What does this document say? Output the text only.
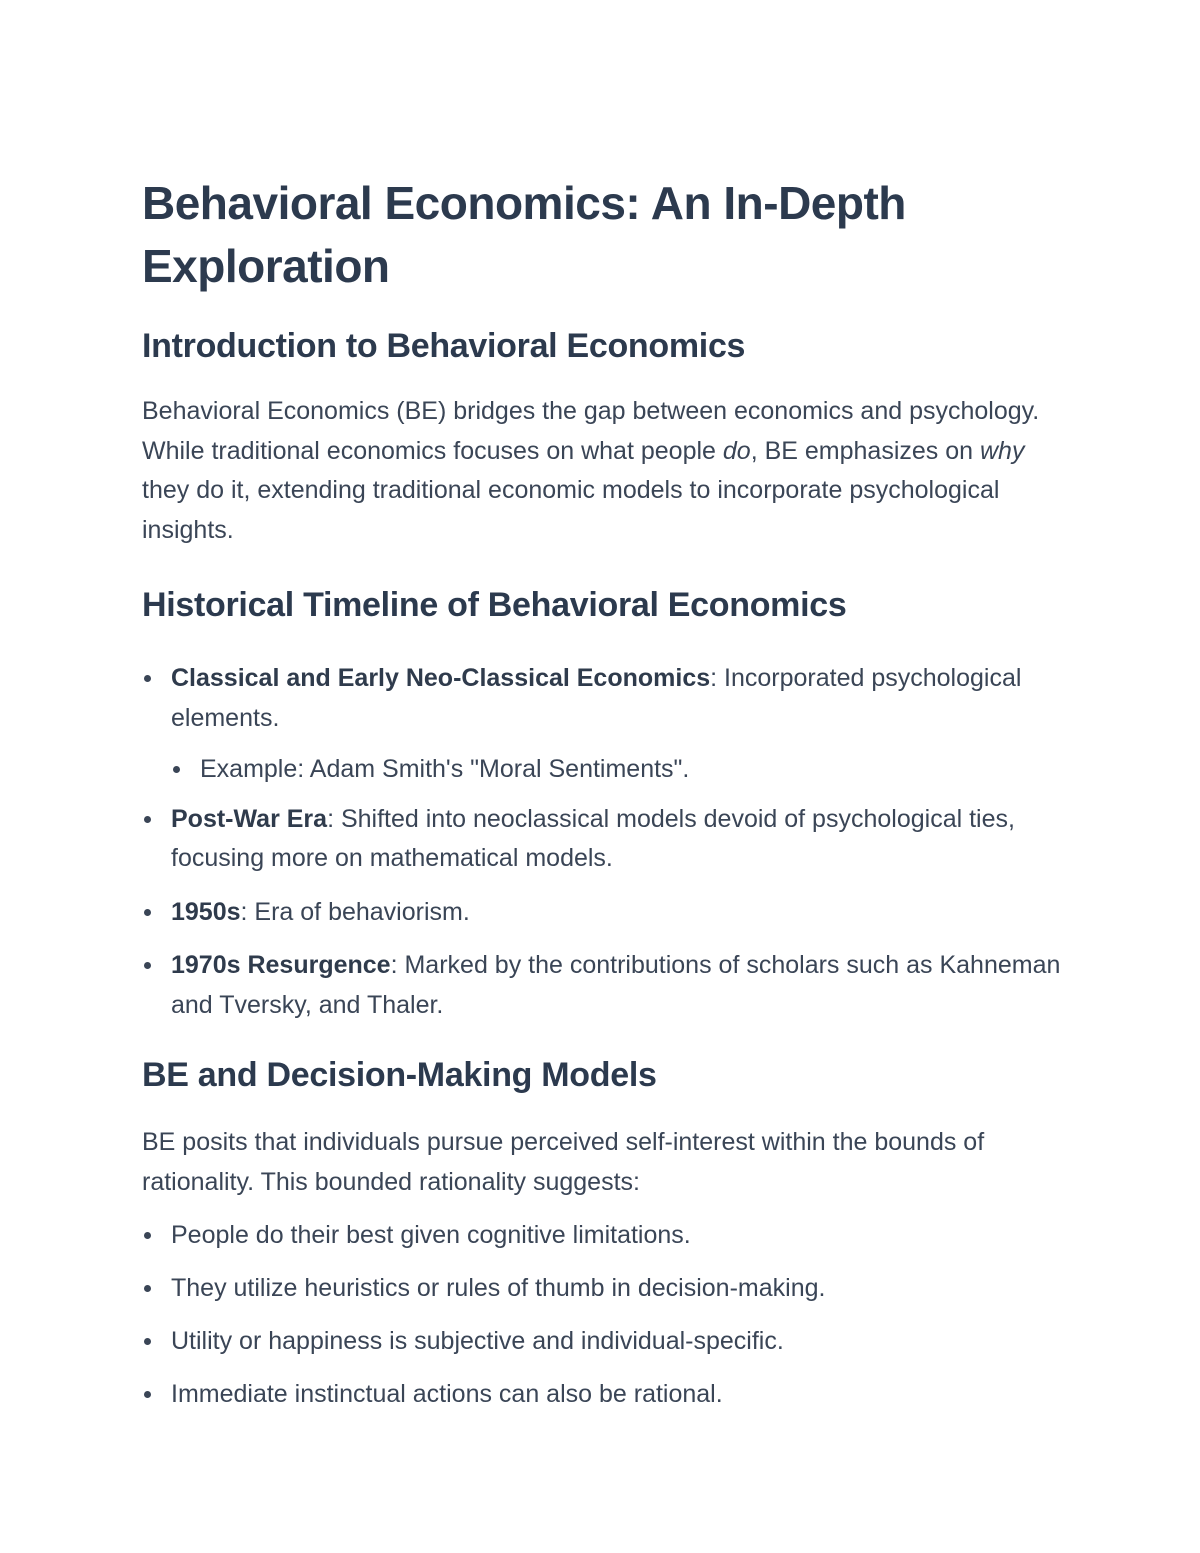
Behavioral Economics: An In-Depth Exploration
Introduction to Behavioral Economics

Behavioral Economics (BE) bridges the gap between economics and psychology. While traditional economics focuses on what people do, BE emphasizes on why they do it, extending traditional economic models to incorporate psychological insights.

Historical Timeline of Behavioral Economics
Classical and Early Neo-Classical Economics: Incorporated psychological elements.
Example: Adam Smith's "Moral Sentiments".
Post-War Era: Shifted into neoclassical models devoid of psychological ties, focusing more on mathematical models.
1950s: Era of behaviorism.
1970s Resurgence: Marked by the contributions of scholars such as Kahneman and Tversky, and Thaler.
BE and Decision-Making Models

BE posits that individuals pursue perceived self-interest within the bounds of rationality. This bounded rationality suggests:

People do their best given cognitive limitations.
They utilize heuristics or rules of thumb in decision-making.
Utility or happiness is subjective and individual-specific.
Immediate instinctual actions can also be rational.
